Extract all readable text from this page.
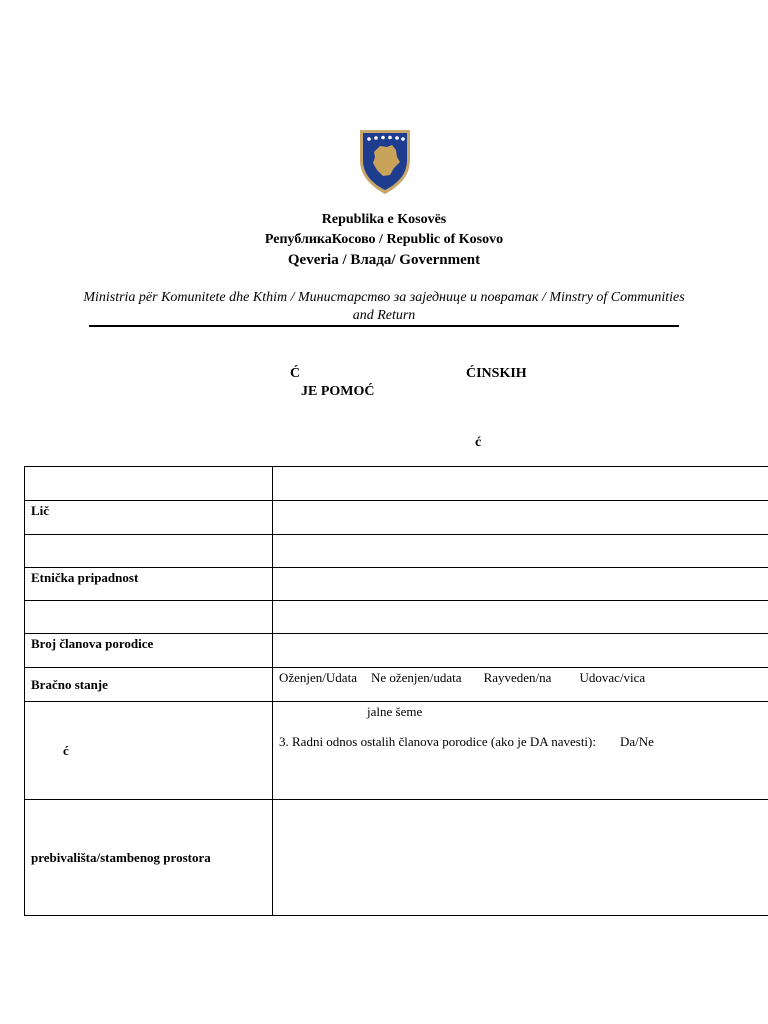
Republika e Kosovës
РепубликаКосово / Republic of Kosovo
Qeveria / Влада/ Government
Ministria për Komunitete dhe Kthim / Министарство за заједнице и повратак / Minstry of Communities and Return
Ć	ĆINSKIH
JE POMOĆ
ć

Lič	

Etnička pripadnost	

Broj članova porodice	
Bračno stanje	Oženjen/Udata Ne oženjen/udata Rayveden/na Udovac/vica
ć	jalne šeme
3. Radni odnos ostalih članova porodice (ako je DA navesti): Da/Ne

prebivališta/stambenog prostora	
